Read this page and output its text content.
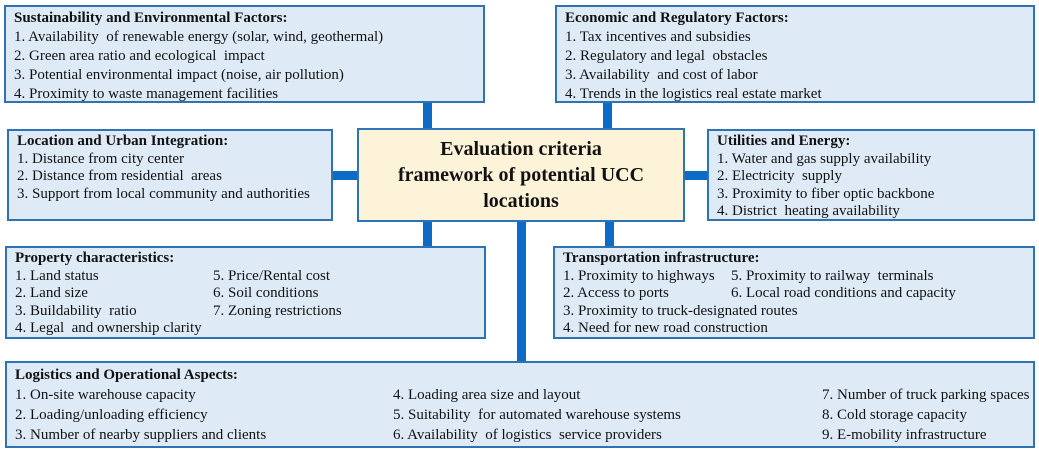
Sustainability and Environmental Factors:
1. Availability  of renewable energy (solar, wind, geothermal)
2. Green area ratio and ecological  impact
3. Potential environmental impact (noise, air pollution)
4. Proximity to waste management facilities
Economic and Regulatory Factors:
1. Tax incentives and subsidies
2. Regulatory and legal  obstacles
3. Availability  and cost of labor
4. Trends in the logistics real estate market
Location and Urban Integration:
1. Distance from city center
2. Distance from residential  areas
3. Support from local community and authorities
Evaluation criteria
framework of potential UCC
locations
Utilities and Energy:
1. Water and gas supply availability
2. Electricity  supply
3. Proximity to fiber optic backbone
4. District  heating availability
Property characteristics:
1. Land status
2. Land size
3. Buildability  ratio
4. Legal  and ownership clarity
5. Price/Rental cost
6. Soil conditions
7. Zoning restrictions
Transportation infrastructure:
1. Proximity to highways
2. Access to ports
3. Proximity to truck-designated routes
4. Need for new road construction
5. Proximity to railway  terminals
6. Local road conditions and capacity
Logistics and Operational Aspects:
1. On-site warehouse capacity
2. Loading/unloading efficiency
3. Number of nearby suppliers and clients
4. Loading area size and layout
5. Suitability  for automated warehouse systems
6. Availability  of logistics  service providers
7. Number of truck parking spaces
8. Cold storage capacity
9. E-mobility infrastructure
